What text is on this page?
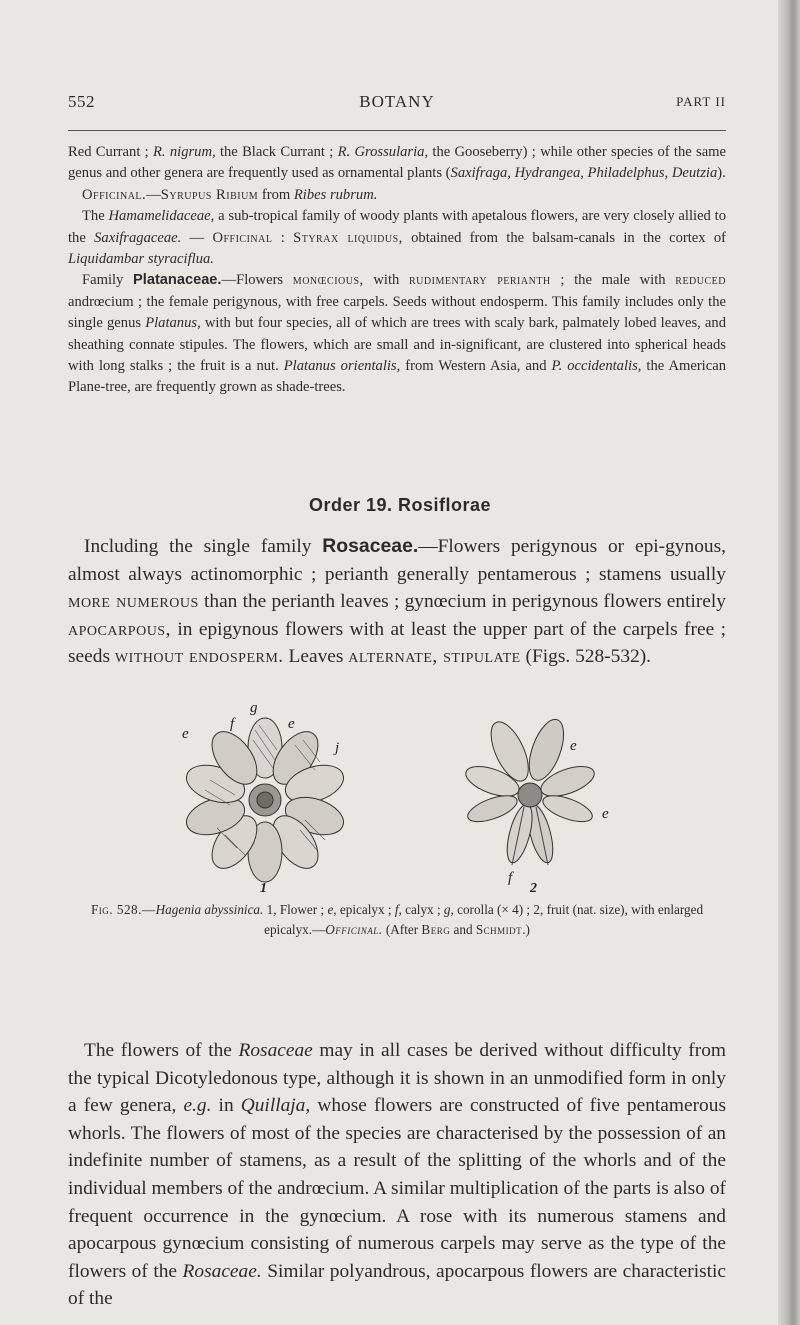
552	BOTANY	PART II

Red Currant ; R. nigrum, the Black Currant ; R. Grossularia, the Gooseberry) ; while other species of the same genus and other genera are frequently used as ornamental plants (Saxifraga, Hydrangea, Philadelphus, Deutzia).

Officinal.—Syrupus Ribium from Ribes rubrum.

The Hamamelidaceae, a sub-tropical family of woody plants with apetalous flowers, are very closely allied to the Saxifragaceae. — Officinal : Styrax liquidus, obtained from the balsam-canals in the cortex of Liquidambar styraciflua.

Family Platanaceae.—Flowers monœcious, with rudimentary perianth ; the male with reduced andrœcium ; the female perigynous, with free carpels. Seeds without endosperm. This family includes only the single genus Platanus, with but four species, all of which are trees with scaly bark, palmately lobed leaves, and sheathing connate stipules. The flowers, which are small and in-significant, are clustered into spherical heads with long stalks ; the fruit is a nut. Platanus orientalis, from Western Asia, and P. occidentalis, the American Plane-tree, are frequently grown as shade-trees.

Order 19. Rosiflorae

Including the single family Rosaceae.—Flowers perigynous or epi-gynous, almost always actinomorphic ; perianth generally pentamerous ; stamens usually more numerous than the perianth leaves ; gynœcium in perigynous flowers entirely apocarpous, in epigynous flowers with at least the upper part of the carpels free ; seeds without endosperm. Leaves alternate, stipulate (Figs. 528-532).

g
f	e
e
j	e
e
f
1	2
Fig. 528.—Hagenia abyssinica. 1, Flower ; e, epicalyx ; f, calyx ; g, corolla (× 4) ; 2, fruit (nat. size), with enlarged epicalyx.—Officinal. (After Berg and Schmidt.)

The flowers of the Rosaceae may in all cases be derived without difficulty from the typical Dicotyledonous type, although it is shown in an unmodified form in only a few genera, e.g. in Quillaja, whose flowers are constructed of five pentamerous whorls. The flowers of most of the species are characterised by the possession of an indefinite number of stamens, as a result of the splitting of the whorls and of the individual members of the andrœcium. A similar multiplication of the parts is also of frequent occurrence in the gynœcium. A rose with its numerous stamens and apocarpous gynœcium consisting of numerous carpels may serve as the type of the flowers of the Rosaceae. Similar polyandrous, apocarpous flowers are characteristic of the
